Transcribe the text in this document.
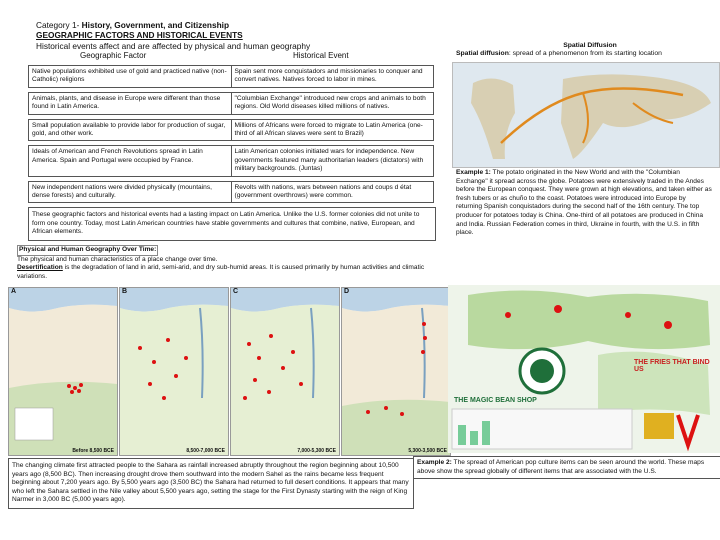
Category 1- History, Government, and Citizenship
GEOGRAPHIC FACTORS AND HISTORICAL EVENTS
Historical events affect and are affected by physical and human geography
Geographic Factor	Historical Event
Native populations exhibited use of gold and practiced native (non-Catholic) religions	Spain sent more conquistadors and missionaries to conquer and convert natives. Natives forced to labor in mines.

Animals, plants, and disease in Europe were different than those found in Latin America.	"Columbian Exchange" introduced new crops and animals to both regions. Old World diseases killed millions of natives.

Small population available to provide labor for production of sugar, gold, and other work.	Millions of Africans were forced to migrate to Latin America (one-third of all African slaves were sent to Brazil)

Ideals of American and French Revolutions spread in Latin America. Spain and Portugal were occupied by France.	Latin American colonies initiated wars for independence. New governments featured many authoritarian leaders (dictators) with military backgrounds. (Juntas)

New independent nations were divided physically (mountains, dense forests) and culturally.	Revolts with nations, wars between nations and coups d état (government overthrows) were common.
These geographic factors and historical events had a lasting impact on Latin America. Unlike the U.S. former colonies did not unite to form one country. Today, most Latin American countries have stable governments and cultures that combine, native, European, and African elements.
Physical and Human Geography Over Time:
The physical and human characteristics of a place change over time.
Desertification is the degradation of land in arid, semi-arid, and dry sub-humid areas. It is caused primarily by human activities and climatic variations.
A
Before 8,500 BCE
B
8,500-7,000 BCE
C
7,000-5,300 BCE
D
5,300-3,500 BCE
The changing climate first attracted people to the Sahara as rainfall increased abruptly throughout the region beginning about 10,500 years ago (8,500 BC). Then increasing drought drove them southward into the modern Sahel as the rains became less frequent beginning about 7,200 years ago. By 5,500 years ago (3,500 BC) the Sahara had returned to full desert conditions. It appears that many who left the Sahara settled in the Nile valley about 5,500 years ago, setting the stage for the First Dynasty starting with the reign of King Narmer in 3,000 BC (5,000 years ago).
Spatial Diffusion
Spatial diffusion: spread of a phenomenon from its starting location
Example 1: The potato originated in the New World and with the "Columbian Exchange" it spread across the globe. Potatoes were extensively traded in the Andes before the European conquest. They were grown at high elevations, and taken either as fresh tubers or as chuño to the coast. Potatoes were introduced into Europe by returning Spanish conquistadors during the second half of the 16th century. The top producer for potatoes today is China. One-third of all potatoes are produced in China and India. Russian Federation comes in third, Ukraine in fourth, with the U.S. in fifth place.
THE FRIES THAT BIND US
THE MAGIC BEAN SHOP
Example 2: The spread of American pop culture items can be seen around the world. These maps above show the spread globally of different items that are associated with the U.S.
